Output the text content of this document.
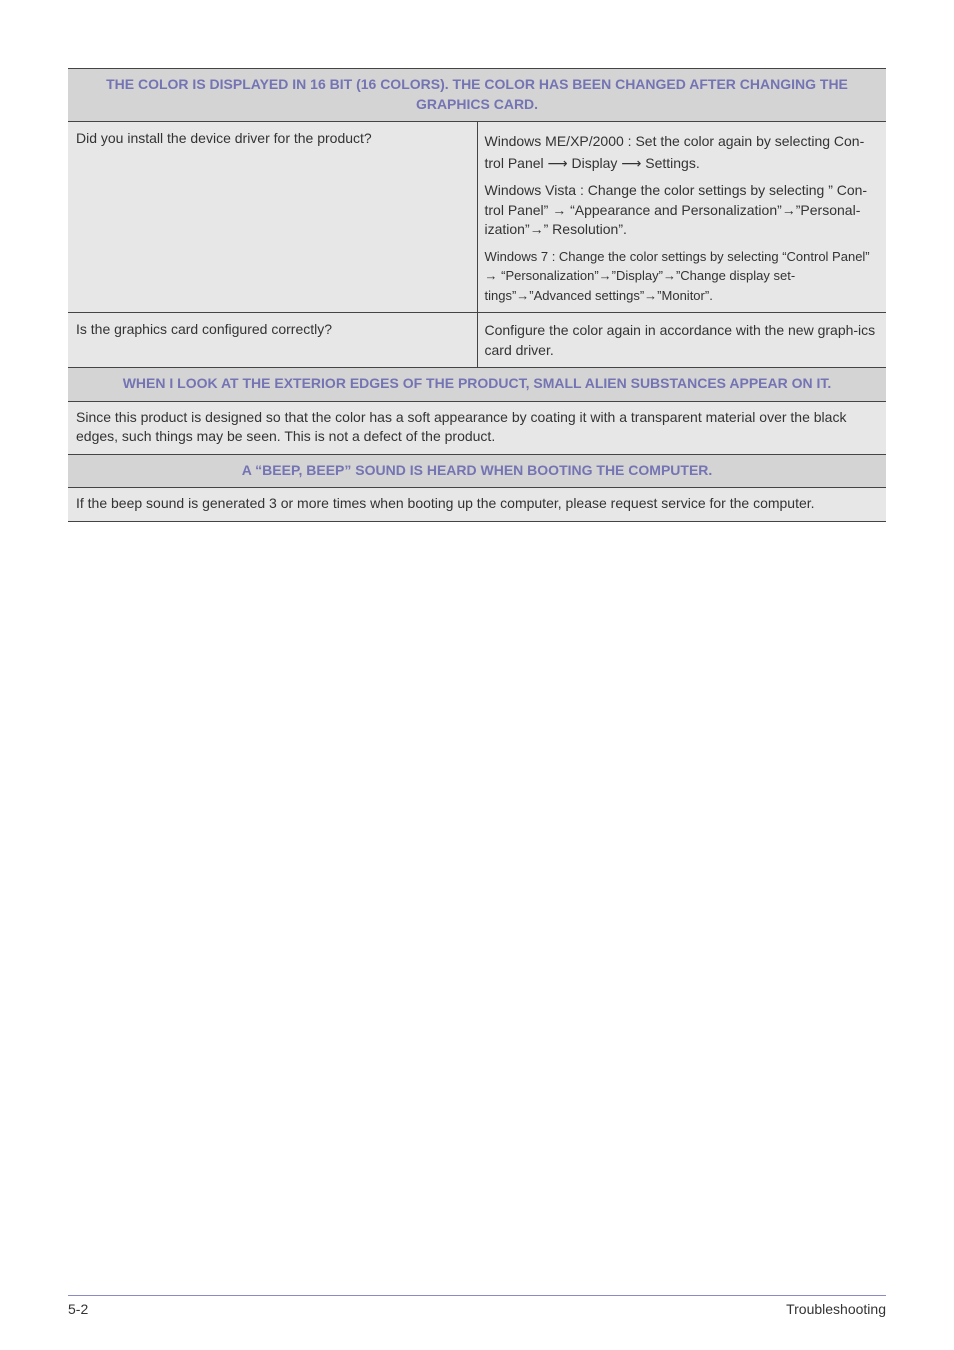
THE COLOR IS DISPLAYED IN 16 BIT (16 COLORS). THE COLOR HAS BEEN CHANGED AFTER CHANGING THE GRAPHICS CARD.	
Did you install the device driver for the product?	Windows ME/XP/2000 : Set the color again by selecting Con-trol Panel ⟶ Display ⟶ Settings.

Windows Vista : Change the color settings by selecting ” Con-trol Panel” → “Appearance and Personalization”→”Personal-ization”→” Resolution”.

Windows 7 : Change the color settings by selecting “Control Panel” → “Personalization”→”Display”→”Change display set-tings”→”Advanced settings”→”Monitor”.

Is the graphics card configured correctly?	Configure the color again in accordance with the new graph-ics card driver.

WHEN I LOOK AT THE EXTERIOR EDGES OF THE PRODUCT, SMALL ALIEN SUBSTANCES APPEAR ON IT.	
Since this product is designed so that the color has a soft appearance by coating it with a transparent material over the black edges, such things may be seen. This is not a defect of the product.	
A “BEEP, BEEP” SOUND IS HEARD WHEN BOOTING THE COMPUTER.	
If the beep sound is generated 3 or more times when booting up the computer, please request service for the computer.	
5-2	Troubleshooting
